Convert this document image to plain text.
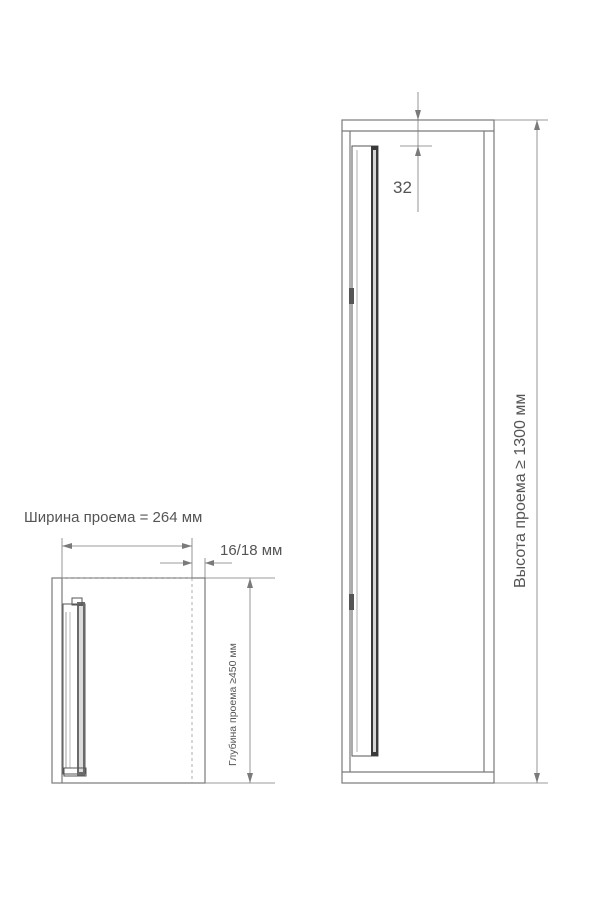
Ширина проема = 264 мм
16/18 мм
Глубина проема ≥450 мм
32
Высота проема ≥ 1300 мм
